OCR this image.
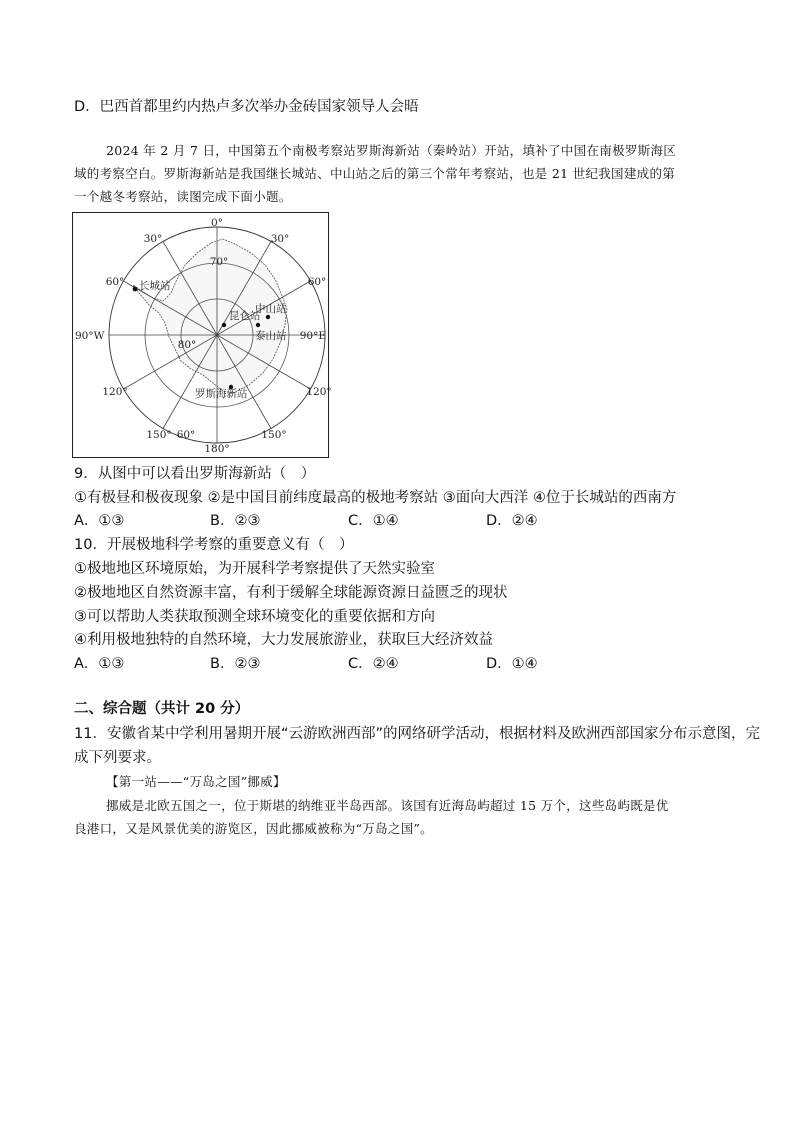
D．巴西首都里约内热卢多次举办金砖国家领导人会晤
2024 年 2 月 7 日，中国第五个南极考察站罗斯海新站（秦岭站）开站，填补了中国在南极罗斯海区
域的考察空白。罗斯海新站是我国继长城站、中山站之后的第三个常年考察站，也是 21 世纪我国建成的第
一个越冬考察站，读图完成下面小题。
0°
30°	30°
60°	60°
90°W	90°E
120°	120°
150°	150°
180°
70°
80°
60°
长城站
昆仑站
中山站
泰山站
罗斯海新站
9．从图中可以看出罗斯海新站（　）
①有极昼和极夜现象 ②是中国目前纬度最高的极地考察站 ③面向大西洋 ④位于长城站的西南方
A．①③	B．②③	C．①④	D．②④
10．开展极地科学考察的重要意义有（　）
①极地地区环境原始，为开展科学考察提供了天然实验室
②极地地区自然资源丰富，有利于缓解全球能源资源日益匮乏的现状
③可以帮助人类获取预测全球环境变化的重要依据和方向
④利用极地独特的自然环境，大力发展旅游业，获取巨大经济效益
A．①③	B．②③	C．②④	D．①④
二、综合题（共计 20 分）
11．安徽省某中学利用暑期开展“云游欧洲西部”的网络研学活动，根据材料及欧洲西部国家分布示意图，完
成下列要求。
【第一站——“万岛之国”挪威】
挪威是北欧五国之一，位于斯堪的纳维亚半岛西部。该国有近海岛屿超过 15 万个，这些岛屿既是优
良港口，又是风景优美的游览区，因此挪威被称为“万岛之国”。
